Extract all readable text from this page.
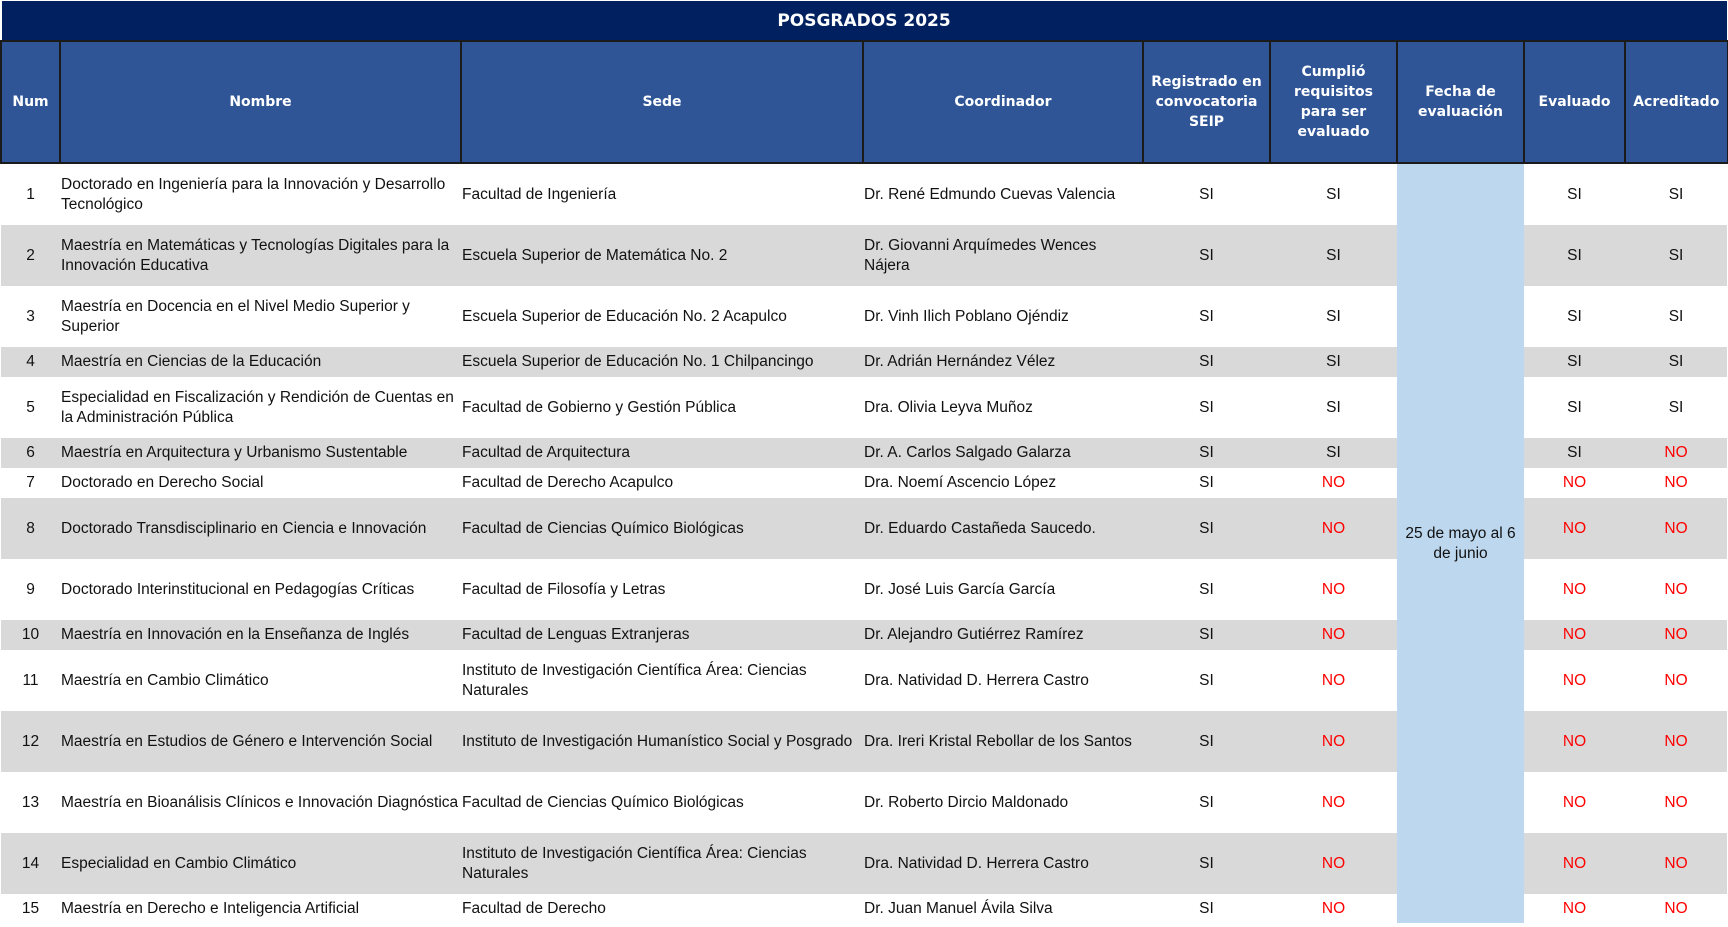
POSGRADOS 2025								
Num	Nombre	Sede	Coordinador	Registrado en convocatoria SEIP	Cumplió requisitos para ser evaluado	Fecha de evaluación	Evaluado	Acreditado
1	Doctorado en Ingeniería para la Innovación y Desarrollo Tecnológico	Facultad de Ingeniería	Dr. René Edmundo Cuevas Valencia	SI	SI	25 de mayo al 6 de junio	SI	SI
2	Maestría en Matemáticas y Tecnologías Digitales para la Innovación Educativa	Escuela Superior de Matemática No. 2	Dr. Giovanni Arquímedes Wences Nájera	SI	SI		SI	SI
3	Maestría en Docencia en el Nivel Medio Superior y Superior	Escuela Superior de Educación No. 2 Acapulco	Dr. Vinh Ilich Poblano Ojéndiz	SI	SI		SI	SI
4	Maestría en Ciencias de la Educación	Escuela Superior de Educación No. 1 Chilpancingo	Dr. Adrián Hernández Vélez	SI	SI		SI	SI
5	Especialidad en Fiscalización y Rendición de Cuentas en la Administración Pública	Facultad de Gobierno y Gestión Pública	Dra. Olivia Leyva Muñoz	SI	SI		SI	SI
6	Maestría en Arquitectura y Urbanismo Sustentable	Facultad de Arquitectura	Dr. A. Carlos Salgado Galarza	SI	SI		SI	NO
7	Doctorado en Derecho Social	Facultad de Derecho Acapulco	Dra. Noemí Ascencio López	SI	NO		NO	NO
8	Doctorado Transdisciplinario en Ciencia e Innovación	Facultad de Ciencias Químico Biológicas	Dr. Eduardo Castañeda Saucedo.	SI	NO		NO	NO
9	Doctorado Interinstitucional en Pedagogías Críticas	Facultad de Filosofía y Letras	Dr. José Luis García García	SI	NO		NO	NO
10	Maestría en Innovación en la Enseñanza de Inglés	Facultad de Lenguas Extranjeras	Dr. Alejandro Gutiérrez Ramírez	SI	NO		NO	NO
11	Maestría en Cambio Climático	Instituto de Investigación Científica Área: Ciencias Naturales	Dra. Natividad D. Herrera Castro	SI	NO		NO	NO
12	Maestría en Estudios de Género e Intervención Social	Instituto de Investigación Humanístico Social y Posgrado	Dra. Ireri Kristal Rebollar de los Santos	SI	NO		NO	NO
13	Maestría en Bioanálisis Clínicos e Innovación Diagnóstica	Facultad de Ciencias Químico Biológicas	Dr. Roberto Dircio Maldonado	SI	NO		NO	NO
14	Especialidad en Cambio Climático	Instituto de Investigación Científica Área: Ciencias Naturales	Dra. Natividad D. Herrera Castro	SI	NO		NO	NO
15	Maestría en Derecho e Inteligencia Artificial	Facultad de Derecho	Dr. Juan Manuel Ávila Silva	SI	NO		NO	NO
